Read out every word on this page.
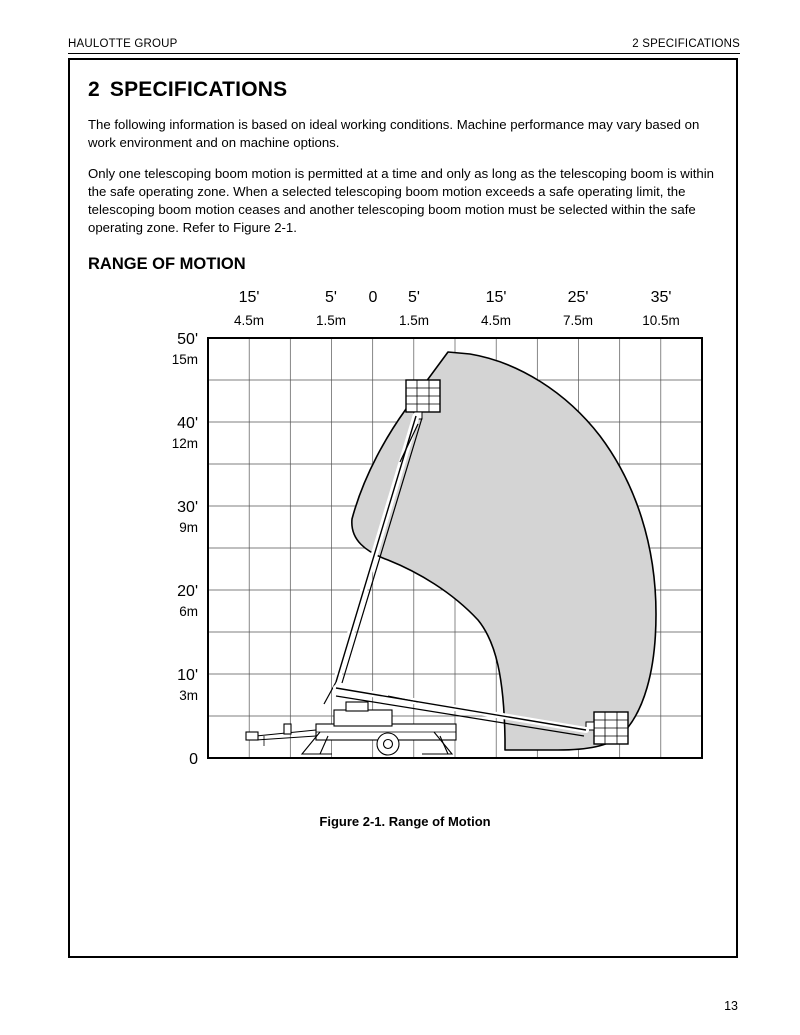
HAULOTTE GROUP	2 SPECIFICATIONS
2 SPECIFICATIONS

The following information is based on ideal working conditions. Machine performance may vary based on work environment and on machine options.

Only one telescoping boom motion is permitted at a time and only as long as the telescoping boom is within the safe operating zone. When a selected telescoping boom motion exceeds a safe operating limit, the telescoping boom motion ceases and another telescoping boom motion must be selected within the safe operating zone. Refer to Figure 2-1.

RANGE OF MOTION
15'	5' 0 5'	15'	25'	35'
4.5m	1.5m	1.5m	4.5m	7.5m	10.5m
50'
40'
30'
20'
10'
0
15m
12m
9m
6m
3m
Figure 2-1. Range of Motion
13
